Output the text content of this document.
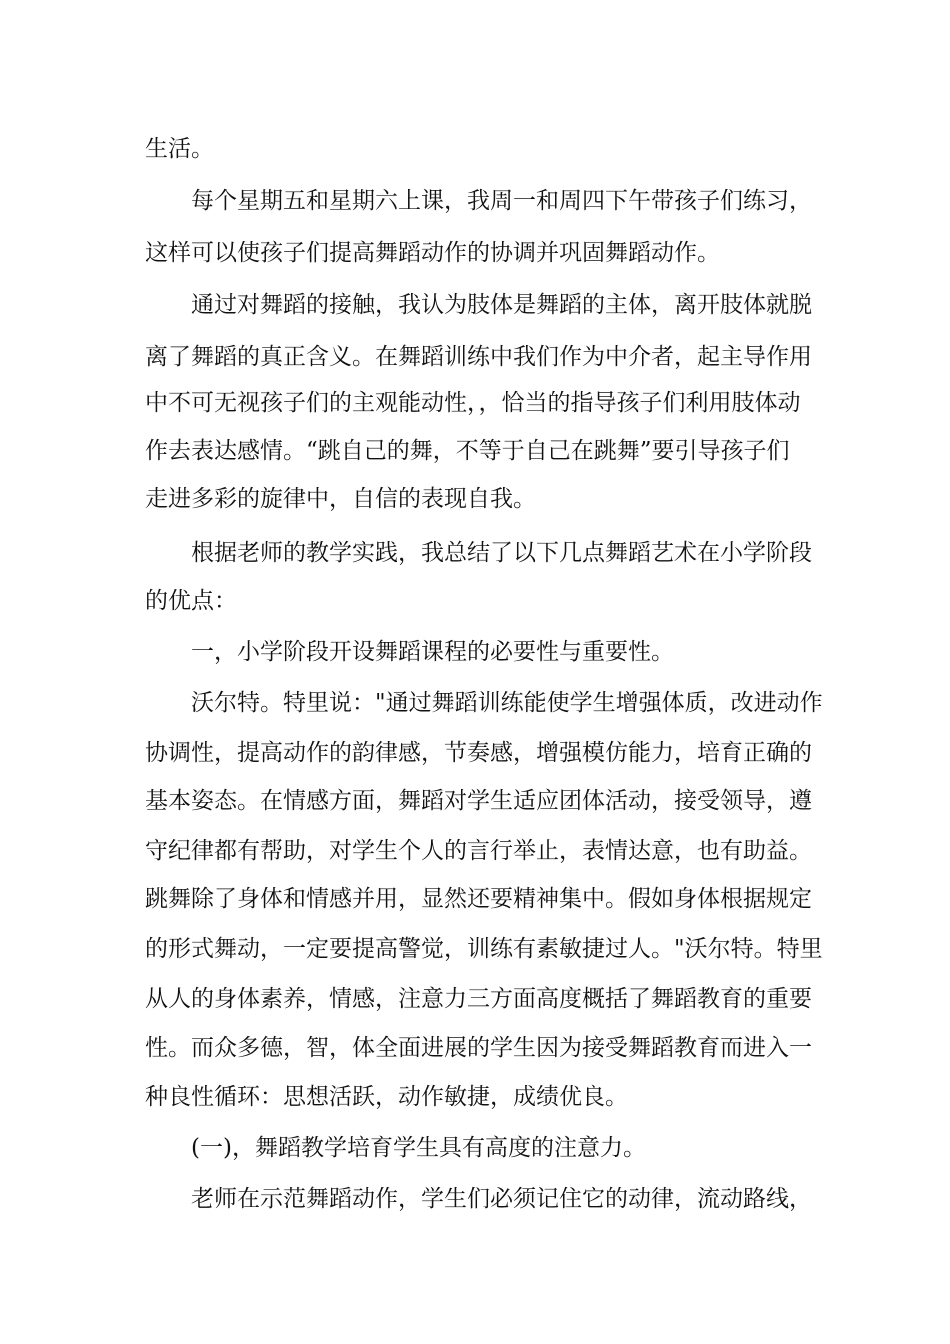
生活。
每个星期五和星期六上课，我周一和周四下午带孩子们练习，
这样可以使孩子们提高舞蹈动作的协调并巩固舞蹈动作。
通过对舞蹈的接触，我认为肢体是舞蹈的主体，离开肢体就脱
离了舞蹈的真正含义。在舞蹈训练中我们作为中介者，起主导作用
中不可无视孩子们的主观能动性，，恰当的指导孩子们利用肢体动
作去表达感情。“跳自己的舞，不等于自己在跳舞”要引导孩子们
走进多彩的旋律中，自信的表现自我。
根据老师的教学实践，我总结了以下几点舞蹈艺术在小学阶段
的优点：
一，小学阶段开设舞蹈课程的必要性与重要性。
沃尔特。特里说："通过舞蹈训练能使学生增强体质，改进动作
协调性，提高动作的韵律感，节奏感，增强模仿能力，培育正确的
基本姿态。在情感方面，舞蹈对学生适应团体活动，接受领导，遵
守纪律都有帮助，对学生个人的言行举止，表情达意，也有助益。
跳舞除了身体和情感并用，显然还要精神集中。假如身体根据规定
的形式舞动，一定要提高警觉，训练有素敏捷过人。"沃尔特。特里
从人的身体素养，情感，注意力三方面高度概括了舞蹈教育的重要
性。而众多德，智，体全面进展的学生因为接受舞蹈教育而进入一
种良性循环：思想活跃，动作敏捷，成绩优良。
(一)，舞蹈教学培育学生具有高度的注意力。
老师在示范舞蹈动作，学生们必须记住它的动律，流动路线，
